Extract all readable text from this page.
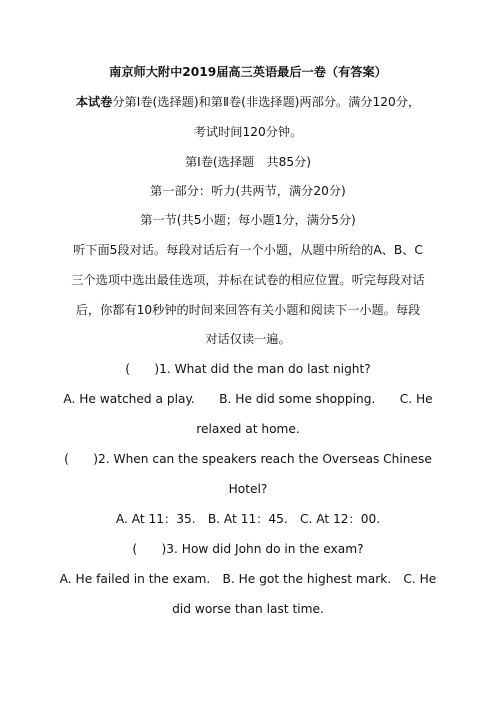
南京师大附中2019届高三英语最后一卷（有答案）
本试卷分第Ⅰ卷(选择题)和第Ⅱ卷(非选择题)两部分。满分120分，
考试时间120分钟。
第Ⅰ卷(选择题　共85分)
第一部分：听力(共两节，满分20分)
第一节(共5小题；每小题1分，满分5分)
听下面5段对话。每段对话后有一个小题，从题中所给的A、B、C
三个选项中选出最佳选项，并标在试卷的相应位置。听完每段对话
后，你都有10秒钟的时间来回答有关小题和阅读下一小题。每段
对话仅读一遍。
(　　)1. What did the man do last night?
A. He watched a play.　　B. He did some shopping.　　C. He
relaxed at home.
(　　)2. When can the speakers reach the Overseas Chinese
Hotel?
A. At 11：35.　B. At 11：45.　C. At 12：00.
(　　)3. How did John do in the exam?
A. He failed in the exam.　B. He got the highest mark.　C. He
did worse than last time.
